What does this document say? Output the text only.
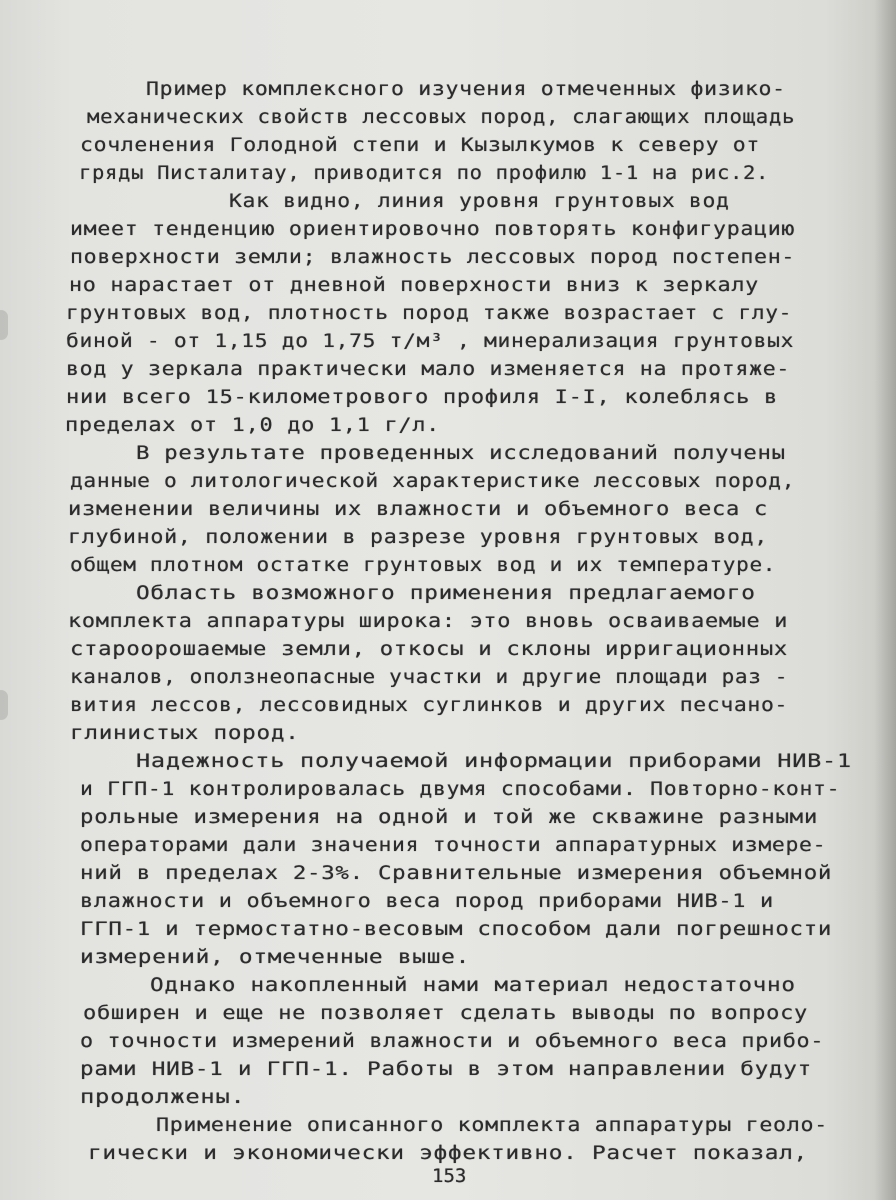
Пример комплексного изучения отмеченных физико-
механических свойств лессовых пород, слагающих площадь
сочленения Голодной степи и Кызылкумов к северу от
гряды Писталитау, приводится по профилю 1-1 на рис.2.
Как видно, линия уровня грунтовых вод
имеет тенденцию ориентировочно повторять конфигурацию
поверхности земли; влажность лессовых пород постепен-
но нарастает от дневной поверхности вниз к зеркалу
грунтовых вод, плотность пород также возрастает с глу-
биной - от 1,15 до 1,75 т/м³ , минерализация грунтовых
вод у зеркала практически мало изменяется на протяже-
нии всего 15-километрового профиля I-I, колеблясь в
пределах от 1,0 до 1,1 г/л.
В результате проведенных исследований получены
данные о литологической характеристике лессовых пород,
изменении величины их влажности и объемного веса с
глубиной, положении в разрезе уровня грунтовых вод,
общем плотном остатке грунтовых вод и их температуре.
Область возможного применения предлагаемого
комплекта аппаратуры широка: это вновь осваиваемые и
староорошаемые земли, откосы и склоны ирригационных
каналов, оползнеопасные участки и другие площади раз -
вития лессов, лессовидных суглинков и других песчано-
глинистых пород.
Надежность получаемой информации приборами НИВ-1
и ГГП-1 контролировалась двумя способами. Повторно-конт-
рольные измерения на одной и той же скважине разными
операторами дали значения точности аппаратурных измере-
ний в пределах 2-3%. Сравнительные измерения объемной
влажности и объемного веса пород приборами НИВ-1 и
ГГП-1 и термостатно-весовым способом дали погрешности
измерений, отмеченные выше.
Однако накопленный нами материал недостаточно
обширен и еще не позволяет сделать выводы по вопросу
о точности измерений влажности и объемного веса прибо-
рами НИВ-1 и ГГП-1. Работы в этом направлении будут
продолжены.
Применение описанного комплекта аппаратуры геоло-
гически и экономически эффективно. Расчет показал,
153
